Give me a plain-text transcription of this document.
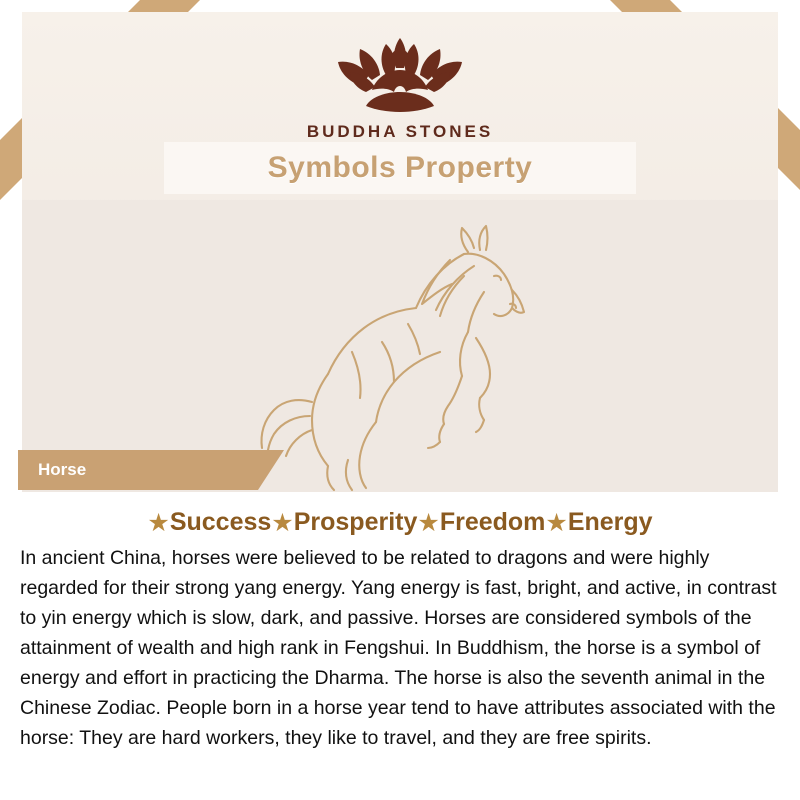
BUDDHA STONES
Symbols Property
Horse
★Success★Prosperity★Freedom★Energy
In ancient China, horses were believed to be related to dragons and were highly regarded for their strong yang energy. Yang energy is fast, bright, and active, in contrast to yin energy which is slow, dark, and passive. Horses are considered symbols of the attainment of wealth and high rank in Fengshui. In Buddhism, the horse is a symbol of energy and effort in practicing the Dharma. The horse is also the seventh animal in the Chinese Zodiac. People born in a horse year tend to have attributes associated with the horse: They are hard workers, they like to travel, and they are free spirits.
